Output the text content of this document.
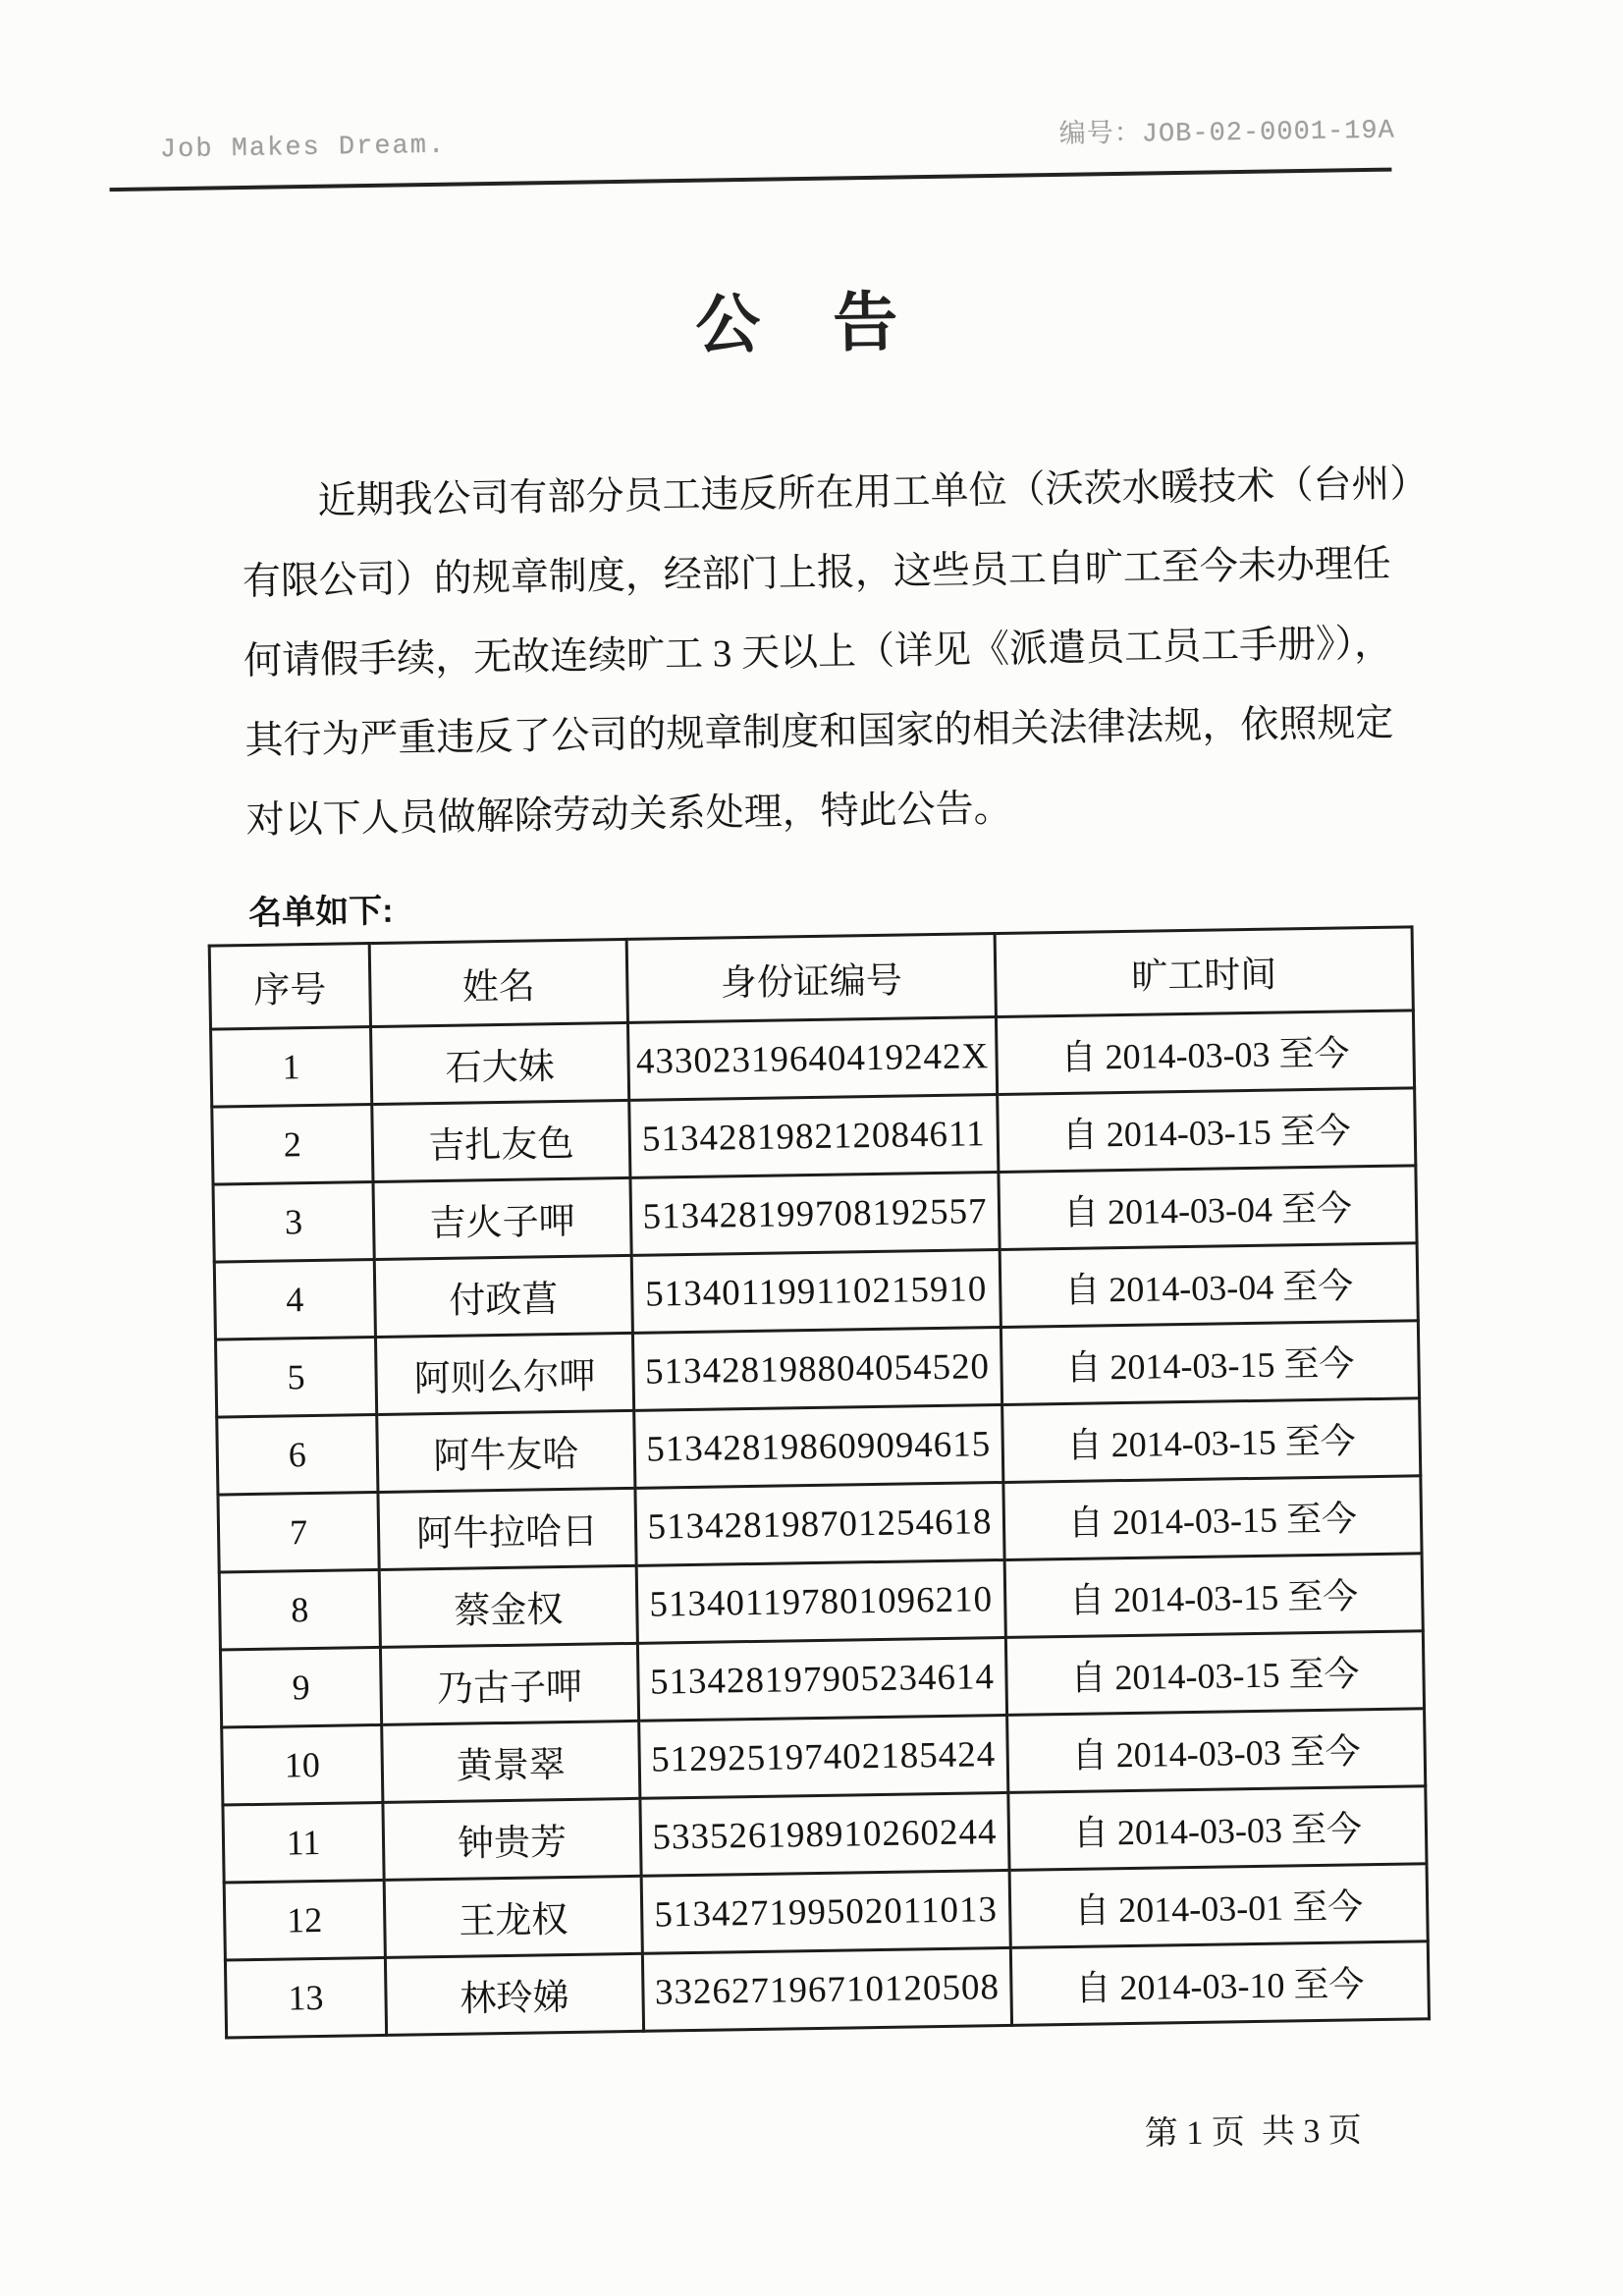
Job Makes Dream.	编号：JOB-02-0001-19A
公　告
近期我公司有部分员工违反所在用工单位（沃茨水暖技术（台州）
有限公司）的规章制度，经部门上报，这些员工自旷工至今未办理任
何请假手续，无故连续旷工 3 天以上（详见《派遣员工员工手册》），
其行为严重违反了公司的规章制度和国家的相关法律法规，依照规定
对以下人员做解除劳动关系处理，特此公告。
名单如下:
序号	姓名	身份证编号	旷工时间
1	石大妹	43302319640419242X	自 2014-03-03 至今
2	吉扎友色	513428198212084611	自 2014-03-15 至今
3	吉火子呷	513428199708192557	自 2014-03-04 至今
4	付政菖	513401199110215910	自 2014-03-04 至今
5	阿则么尔呷	513428198804054520	自 2014-03-15 至今
6	阿牛友哈	513428198609094615	自 2014-03-15 至今
7	阿牛拉哈日	513428198701254618	自 2014-03-15 至今
8	蔡金权	513401197801096210	自 2014-03-15 至今
9	乃古子呷	513428197905234614	自 2014-03-15 至今
10	黄景翠	512925197402185424	自 2014-03-03 至今
11	钟贵芳	533526198910260244	自 2014-03-03 至今
12	王龙权	513427199502011013	自 2014-03-01 至今
13	林玲娣	332627196710120508	自 2014-03-10 至今
第 1 页  共 3 页
